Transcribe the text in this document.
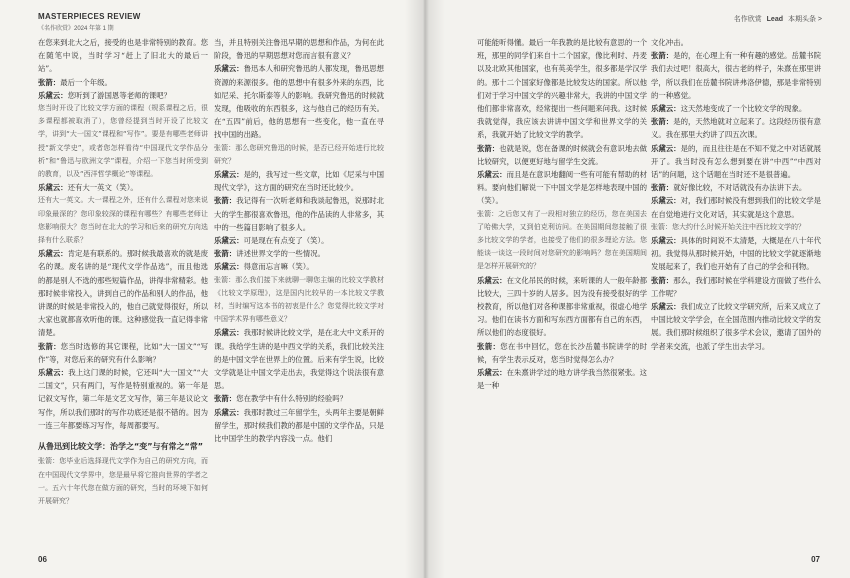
MASTERPIECES REVIEW
《名作欣赏》2024 年第 1 期

在您来到北大之后，接受的也是非常特别的教育。您在随笔中说，当时学习“赶上了旧北大的最后一站”。

张箭：最后一个年级。

乐黛云：您听到了游国恩等老师的课吧？

您当时开设了比较文学方面的课程（规系课程之后，很多课程都被取消了），您曾经提到当时开设了比较文学，讲到“大一国文”课程和“写作”。要是有哪些老师讲授“新文学史”，或者您怎样看待“中国现代文学作品分析”和“鲁迅与欧洲文学”课程，介绍一下您当时所受到的教育，以及“西洋哲学概论”等课程。

乐黛云：还有大一英文（笑）。

还有大一英文。大一课程之外，还有什么课程对您来说印象最深的？您印象较深的课程有哪些？有哪些老师让您影响很大？您当时在北大的学习和后来的研究方向选择有什么联系？

乐黛云：肯定是有联系的。那时候我最喜欢的就是废名的课。废名讲的是“现代文学作品选”，而且他选的都是别人不选的那些短篇作品，讲得非常精彩。他那时候非常投入，讲到自己的作品和别人的作品，他讲课的时候是非常投入的，他自己就觉得很好，所以大家也就都喜欢听他的课。这种感觉我一直记得非常清楚。

张箭：您当时选修的其它课程，比如“大一国文”“写作”等，对您后来的研究有什么影响？

乐黛云：我上这门课的时候，它还叫“大一国文”“大二国文”，只有两门，写作是特别重视的。第一年是记叙文写作，第二年是文艺文写作，第三年是议论文写作，所以我们那时的写作功底还是很不错的。因为一连三年都要练习写作，每周都要写。

从鲁迅到比较文学：治学之“变”与有常之“常”

张箭：您毕业后选择现代文学作为自己的研究方向，而在中国现代文学界中，您是最早将它推向世界的学者之一。五六十年代您在做方面的研究，当时的环境下如何开展研究？

当，并且特别关注鲁迅早期的思想和作品，为何在此阶段，鲁迅的早期思想对您而言很有意义？

乐黛云：鲁迅本人和研究鲁迅的人都发现，鲁迅思想资源的来源很多。他的思想中有很多外来的东西，比如尼采、托尔斯泰等人的影响。我研究鲁迅的时候就发现，他吸收的东西很多，这与他自己的经历有关。在“五四”前后，他的思想有一些变化，他一直在寻找中国的出路。

张箭：那么您研究鲁迅的时候，是否已经开始进行比较研究？

乐黛云：是的，我写过一些文章，比如《尼采与中国现代文学》，这方面的研究在当时还比较少。

张箭：我记得有一次听老师和我谈起鲁迅，说那时北大的学生都很喜欢鲁迅，他的作品读的人非常多，其中的一些篇目影响了很多人。

乐黛云：可是现在有点变了（笑）。

张箭：讲述世界文学的一些情况。

乐黛云：得意而忘言嘛（笑）。

张箭：那么我们接下来就聊一聊您主编的比较文学教材《比较文学原理》，这是国内比较早的一本比较文学教材，当时编写这本书的初衷是什么？您觉得比较文学对中国学术界有哪些意义？

乐黛云：我那时候讲比较文学，是在北大中文系开的课。我给学生讲的是中西文学的关系，我们比较关注的是中国文学在世界上的位置。后来有学生说，比较文学就是让中国文学走出去，我觉得这个说法很有意思。

张箭：您在教学中有什么特别的经验吗？

乐黛云：我那时教过三年留学生，头两年主要是朝鲜留学生，那时候我们教的都是中国的文学作品，只是比中国学生的教学内容浅一点。他们

06
名作欣赏 Lead 本期头条 >

可能能听得懂。最后一年我教的是比较有意思的一个班，那里的同学们来自十二个国家，像比利时、丹麦以及北欧其他国家，也有英美学生，很多都是学汉学的。那十二个国家好像都是比较发达的国家。所以他们对于学习中国文学的兴趣非常大，我讲的中国文学他们都非常喜欢，经常提出一些问题来问我。这时候我就觉得，我应该去讲讲中国文学和世界文学的关系，我就开始了比较文学的教学。

张箭：也就是说，您在备课的时候就会有意识地去做比较研究，以便更好地与留学生交流。

乐黛云：而且是在意识地翻阅一些有可能有帮助的材料。要向他们解说一下中国文学是怎样地表现中国的（笑）。

张箭：之后您又有了一段相对独立的经历，您在美国去了哈佛大学，又到伯克利访问。在美国期间您接触了很多比较文学的学者，也接受了他们的很多理论方法。您能谈一谈这一段时间对您研究的影响吗？您在美国期间是怎样开展研究的？

乐黛云：在文化吊民的时候，来听课的人一般年龄都比较大，三四十岁的人居多。因为没有接受很好的学校教育，所以他们对各种课都非常重视，很虚心地学习。他们在读书方面和写东西方面都有自己的东西，所以他们的态度很好。

张箭：您在书中回忆，您在长沙岳麓书院讲学的时候，有学生表示反对，您当时觉得怎么办？

乐黛云：在朱熹讲学过的地方讲学我当然很紧张。这是一种

文化冲击。

张箭：是的，在心理上有一种有趣的感觉。岳麓书院我们去过吧！很高大，很古老的样子，朱熹在那里讲学，所以我们在岳麓书院讲弗洛伊德，那是非常特别的一种感觉。

乐黛云：这天然地变成了一个比较文学的现象。

张箭：是的，天然地就对立起来了。这段经历很有意义。我在那里大约讲了四五次课。

乐黛云：是的，而且往往是在不知不觉之中对话就展开了。我当时没有怎么想到要在讲“中西”“中西对话”的问题，这个话题在当时还不是很普遍。

张箭：就好像比较，不对话就没有办法讲下去。

乐黛云：对，我们那时候没有想到我们的比较文学是在自觉地进行文化对话，其实就是这个意思。

张箭：您大约什么时候开始关注中西比较文学的？

乐黛云：具体的时间说不太清楚，大概是在八十年代初。我觉得从那时候开始，中国的比较文学就逐渐地发展起来了，我们也开始有了自己的学会和刊物。

张箭：那么，我们那时候在学科建设方面做了些什么工作呢？

乐黛云：我们成立了比较文学研究所，后来又成立了中国比较文学学会，在全国范围内推动比较文学的发展。我们那时候组织了很多学术会议，邀请了国外的学者来交流，也派了学生出去学习。

07
